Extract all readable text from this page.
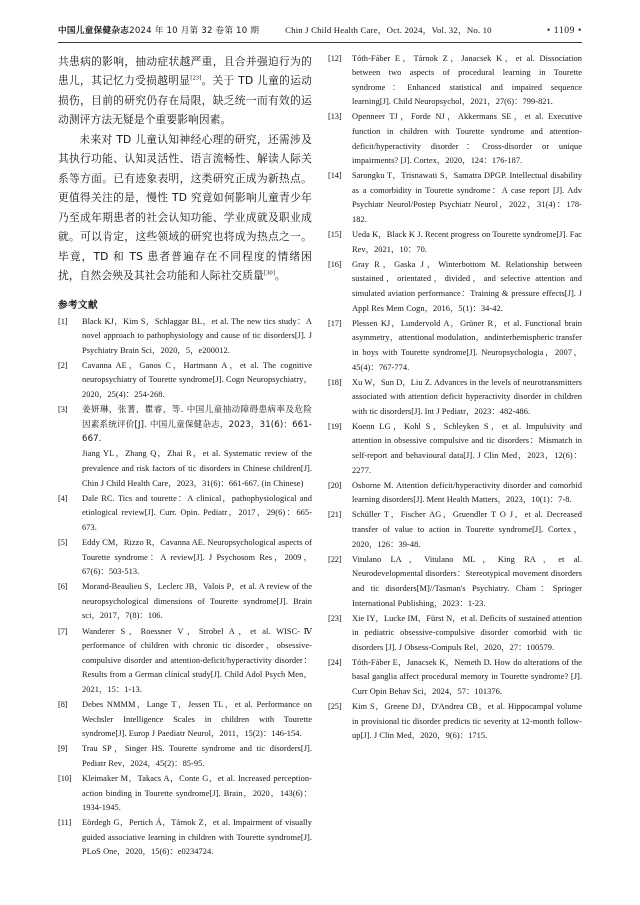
中国儿童保健杂志2024 年 10 月第 32 卷第 10 期	Chin J Child Health Care，Oct. 2024，Vol. 32，No. 10	• 1109 •

共患病的影响，抽动症状越严重，且合并强迫行为的患儿，其记忆力受损越明显[23]。关于 TD 儿童的运动损伤，目前的研究仍存在局限，缺乏统一而有效的运动测评方法无疑是个重要影响因素。

未来对 TD 儿童认知神经心理的研究，还需涉及其执行功能、认知灵活性、语言流畅性、解读人际关系等方面。已有迹象表明，这类研究正成为新热点。更值得关注的是，慢性 TD 究竟如何影响儿童青少年乃至成年期患者的社会认知功能、学业成就及职业成就。可以肯定，这些领域的研究也将成为热点之一。毕竟，TD 和 TS 患者普遍存在不同程度的情绪困扰，自然会殃及其社会功能和人际社交质量[30]。

参考文献
[1]	Black KJ，Kim S，Schlaggar BL，et al. The new tics study：A novel approach to pathophysiology and cause of tic disorders[J]. J Psychiatry Brain Sci，2020，5，e200012.
[2]	Cavanna AE，Ganos C，Hartmann A，et al. The cognitive neuropsychiatry of Tourette syndrome[J]. Cogn Neuropsychiatry，2020，25(4)：254-268.
[3]	姜妍琳，张蓍，瞿睿，等. 中国儿童抽动障碍患病率及危险因素系统评价[J]. 中国儿童保健杂志，2023，31(6)：661-667.
Jiang YL，Zhang Q，Zhai R，et al. Systematic review of the prevalence and risk factors of tic disorders in Chinese children[J]. Chin J Child Health Care，2023，31(6)：661-667. (in Chinese)
[4]	Dale RC. Tics and tourette：A clinical，pathophysiological and etiological review[J]. Curr. Opin. Pediatr，2017，29(6)：665-673.
[5]	Eddy CM，Rizzo R，Cavanna AE. Neuropsychological aspects of Tourette syndrome：A review[J]. J Psychosom Res，2009，67(6)：503-513.
[6]	Morand-Beaulieu S，Leclerc JB，Valois P，et al. A review of the neuropsychological dimensions of Tourette syndrome[J]. Brain sci，2017，7(8)：106.
[7]	Wanderer S，Roessner V，Strobel A，et al. WISC-Ⅳ performance of children with chronic tic disorder，obsessive-compulsive disorder and attention-deficit/hyperactivity disorder：Results from a German clinical study[J]. Child Adol Psych Men，2021，15：1-13.
[8]	Debes NMMM，Lange T，Jessen TL，et al. Performance on Wechsler Intelligence Scales in children with Tourette syndrome[J]. Europ J Paediatr Neurol，2011，15(2)：146-154.
[9]	Trau SP，Singer HS. Tourette syndrome and tic disorders[J]. Pediatr Rev，2024，45(2)：85-95.
[10]	Kleimaker M，Takacs A，Conte G，et al. Increased perception-action binding in Tourette syndrome[J]. Brain，2020，143(6)：1934-1945.
[11]	Eördegh G，Pertich Á，Tárnok Z，et al. Impairment of visually guided associative learning in children with Tourette syndrome[J]. PLoS One，2020，15(6)：e0234724.
[12]	Tóth-Fáber E，Tárnok Z，Janacsek K，et al. Dissociation between two aspects of procedural learning in Tourette syndrome：Enhanced statistical and impaired sequence learning[J]. Child Neuropsychol，2021，27(6)：799-821.
[13]	Openneer TJ，Forde NJ，Akkermans SE，et al. Executive function in children with Tourette syndrome and attention-deficit/hyperactivity disorder：Cross-disorder or unique impairments? [J]. Cortex，2020，124：176-187.
[14]	Sarongku T，Trisnawati S，Samatra DPGP. Intellectual disability as a comorbidity in Tourette syndrome：A case report [J]. Adv Psychiatr Neurol/Postep Psychiatr Neurol，2022，31(4)：178-182.
[15]	Ueda K，Black K J. Recent progress on Tourette syndrome[J]. Fac Rev，2021，10：70.
[16]	Gray R，Gaska J，Winterbottom M. Relationship between sustained，orientated，divided，and selective attention and simulated aviation performance：Training & pressure effects[J]. J Appl Res Mem Cogn，2016，5(1)：34-42.
[17]	Plessen KJ，Lundervold A，Grüner R，et al. Functional brain asymmetry，attentional modulation，andinterhemispheric transfer in boys with Tourette syndrome[J]. Neuropsychologia，2007，45(4)：767-774.
[18]	Xu W，Sun D，Liu Z. Advances in the levels of neurotransmitters associated with attention deficit hyperactivity disorder in children with tic disorders[J]. Int J Pediatr，2023：482-486.
[19]	Koenn LG，Kohl S，Schleyken S，et al. Impulsivity and attention in obsessive compulsive and tic disorders：Mismatch in self-report and behavioural data[J]. J Clin Med，2023，12(6)：2277.
[20]	Osborne M. Attention deficit/hyperactivity disorder and comorbid learning disorders[J]. Ment Health Matters，2023，10(1)：7-8.
[21]	Schüller T，Fischer AG，Gruendler T O J，et al. Decreased transfer of value to action in Tourette syndrome[J]. Cortex，2020，126：39-48.
[22]	Vitulano LA，Vitulano ML，King RA，et al. Neurodevelopmental disorders：Stereotypical movement disorders and tic disorders[M]//Tasman's Psychiatry. Cham：Springer International Publishing，2023：1-23.
[23]	Xie IY，Lucke IM，Fürst N，et al. Deficits of sustained attention in pediatric obsessive-compulsive disorder comorbid with tic disorders [J]. J Obsess-Compuls Rel，2020，27：100579.
[24]	Tóth-Fáber E，Janacsek K，Nemeth D. How do alterations of the basal ganglia affect procedural memory in Tourette syndrome? [J]. Curr Opin Behav Sci，2024，57：101376.
[25]	Kim S，Greene DJ，D'Andrea CB，et al. Hippocampal volume in provisional tic disorder predicts tic severity at 12-month follow-up[J]. J Clin Med，2020，9(6)：1715.
